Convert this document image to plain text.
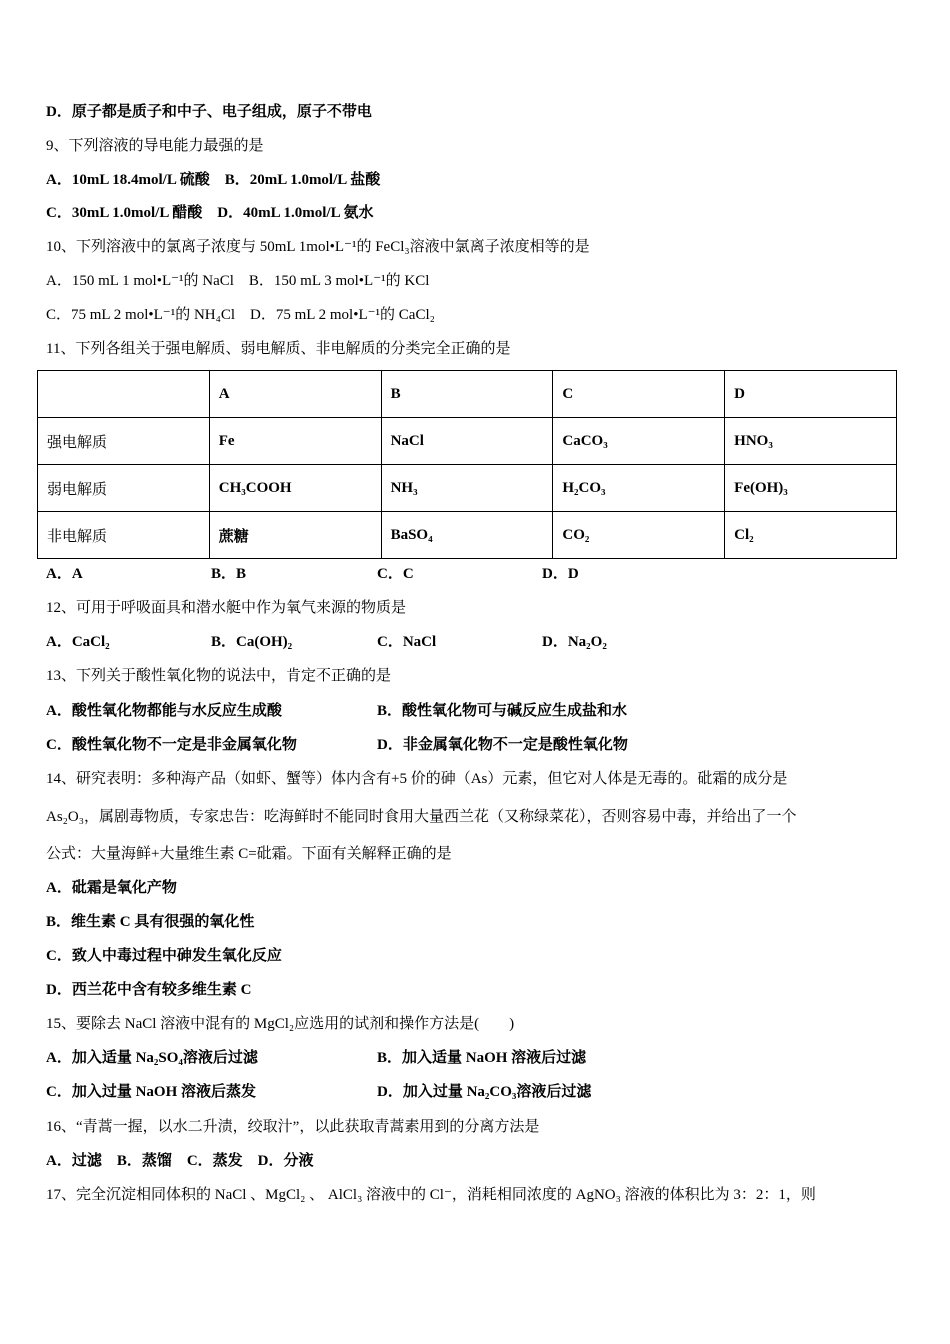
D．原子都是质子和中子、电子组成，原子不带电
9、下列溶液的导电能力最强的是
A．10mL 18.4mol/L 硫酸　B．20mL 1.0mol/L 盐酸
C．30mL 1.0mol/L 醋酸　D．40mL 1.0mol/L 氨水
10、下列溶液中的氯离子浓度与 50mL 1mol•L⁻¹的 FeCl₃溶液中氯离子浓度相等的是
A．150 mL 1 mol•L⁻¹的 NaCl　B．150 mL 3 mol•L⁻¹的 KCl
C．75 mL 2 mol•L⁻¹的 NH₄Cl　D．75 mL 2 mol•L⁻¹的 CaCl₂
11、下列各组关于强电解质、弱电解质、非电解质的分类完全正确的是
	A	B	C	D
强电解质	Fe	NaCl	CaCO₃	HNO₃
弱电解质	CH₃COOH	NH₃	H₂CO₃	Fe(OH)₃
非电解质	蔗糖	BaSO₄	CO₂	Cl₂
A．A	B．B	C．C	D．D
12、可用于呼吸面具和潜水艇中作为氧气来源的物质是
A．CaCl₂	B．Ca(OH)₂	C．NaCl	D．Na₂O₂
13、下列关于酸性氧化物的说法中，肯定不正确的是
A．酸性氧化物都能与水反应生成酸	B．酸性氧化物可与碱反应生成盐和水
C．酸性氧化物不一定是非金属氧化物	D．非金属氧化物不一定是酸性氧化物
14、研究表明：多种海产品（如虾、蟹等）体内含有+5 价的砷（As）元素，但它对人体是无毒的。砒霜的成分是
As₂O₃，属剧毒物质，专家忠告：吃海鲜时不能同时食用大量西兰花（又称绿菜花），否则容易中毒，并给出了一个
公式：大量海鲜+大量维生素 C=砒霜。下面有关解释正确的是
A．砒霜是氧化产物
B．维生素 C 具有很强的氧化性
C．致人中毒过程中砷发生氧化反应
D．西兰花中含有较多维生素 C
15、要除去 NaCl 溶液中混有的 MgCl₂应选用的试剂和操作方法是(　　)
A．加入适量 Na₂SO₄溶液后过滤	B．加入适量 NaOH 溶液后过滤
C．加入过量 NaOH 溶液后蒸发	D．加入过量 Na₂CO₃溶液后过滤
16、“青蒿一握，以水二升渍，绞取汁”，以此获取青蒿素用到的分离方法是
A．过滤　B．蒸馏　C．蒸发　D．分液
17、完全沉淀相同体积的 NaCl 、MgCl₂ 、 AlCl₃ 溶液中的 Cl⁻，消耗相同浓度的 AgNO₃ 溶液的体积比为 3：2：1，则
